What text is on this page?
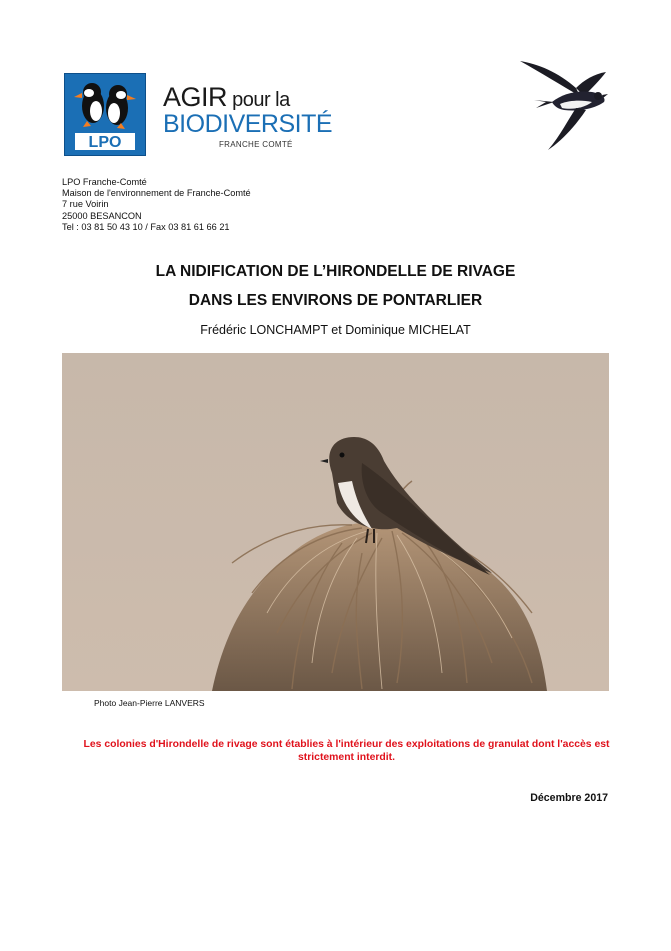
LPO
AGIR pour la
BIODIVERSITÉ
FRANCHE COMTÉ
LPO Franche-Comté
Maison de l'environnement de Franche-Comté
7 rue Voirin
25000 BESANCON
Tel : 03 81 50 43 10 / Fax 03 81 61 66 21
LA NIDIFICATION DE L’HIRONDELLE DE RIVAGE
DANS LES ENVIRONS DE PONTARLIER
Frédéric LONCHAMPT et Dominique MICHELAT
Photo Jean-Pierre LANVERS
Les colonies d'Hirondelle de rivage sont établies à l'intérieur des exploitations de granulat dont l'accès est strictement interdit.
Décembre 2017
